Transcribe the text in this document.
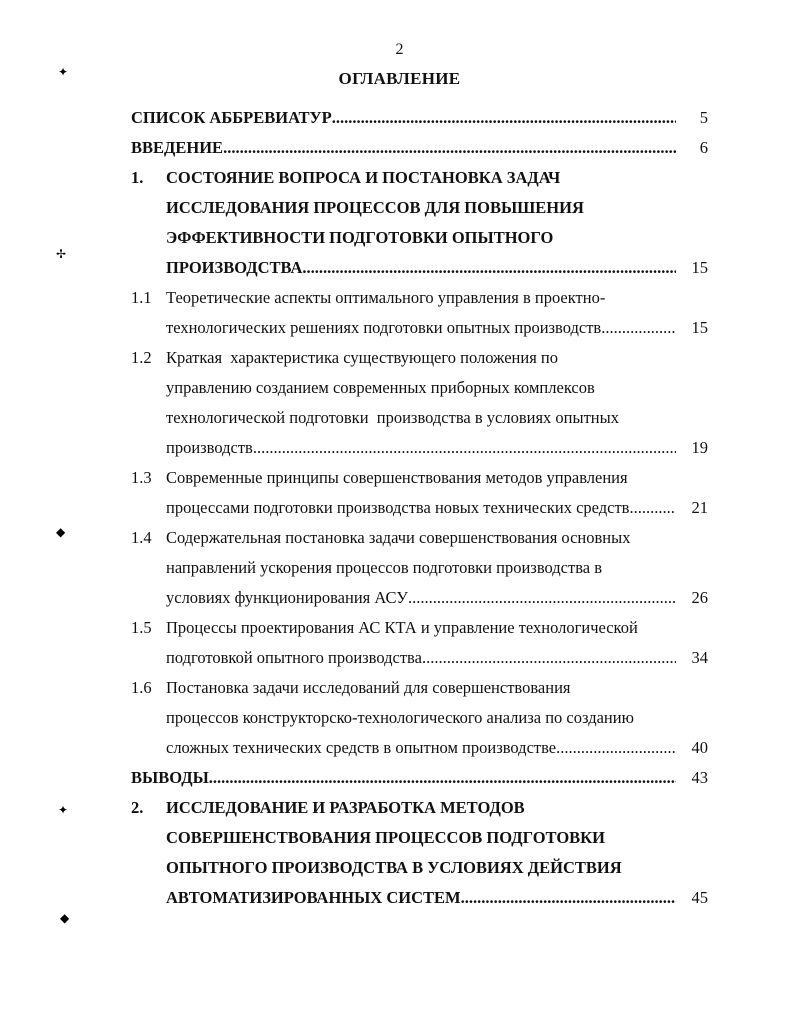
2
ОГЛАВЛЕНИЕ
✦
✢
◆
✦
◆
СПИСОК АББРЕВИАТУР .....	5
ВВЕДЕНИЕ .....	6
1. СОСТОЯНИЕ ВОПРОСА И ПОСТАНОВКА ЗАДАЧ
ИССЛЕДОВАНИЯ ПРОЦЕССОВ ДЛЯ ПОВЫШЕНИЯ
ЭФФЕКТИВНОСТИ ПОДГОТОВКИ ОПЫТНОГО
ПРОИЗВОДСТВА .....	15
1.1 Теоретические аспекты оптимального управления в проектно-
технологических решениях подготовки опытных производств .....	15
1.2 Краткая  характеристика существующего положения по
управлению созданием современных приборных комплексов
технологической подготовки  производства в условиях опытных
производств .....	19
1.3 Современные принципы совершенствования методов управления
процессами подготовки производства новых технических средств .....	21
1.4 Содержательная постановка задачи совершенствования основных
направлений ускорения процессов подготовки производства в
условиях функционирования АСУ .....	26
1.5 Процессы проектирования АС КТА и управление технологической
подготовкой опытного производства .....	34
1.6 Постановка задачи исследований для совершенствования
процессов конструкторско-технологического анализа по созданию
сложных технических средств в опытном производстве .....	40
ВЫВОДЫ .....	43
2. ИССЛЕДОВАНИЕ И РАЗРАБОТКА МЕТОДОВ
СОВЕРШЕНСТВОВАНИЯ ПРОЦЕССОВ ПОДГОТОВКИ
ОПЫТНОГО ПРОИЗВОДСТВА В УСЛОВИЯХ ДЕЙСТВИЯ
АВТОМАТИЗИРОВАННЫХ СИСТЕМ .....	45
